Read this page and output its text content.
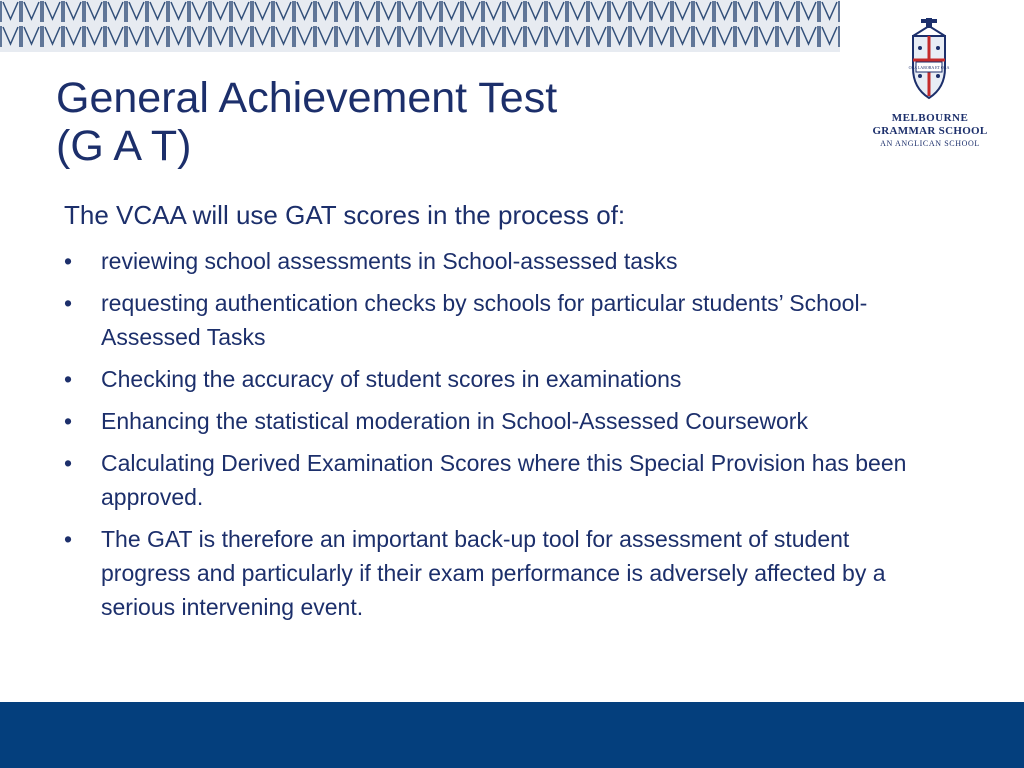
ORA LABORA ET ORA
MELBOURNE
GRAMMAR SCHOOL
AN ANGLICAN SCHOOL
General Achievement Test
(G A T)

The VCAA will use GAT scores in the process of:

•	reviewing school assessments in School-assessed tasks
•	requesting authentication checks by schools for particular students’ School-Assessed Tasks
•	Checking the accuracy of student scores in examinations
•	Enhancing the statistical moderation in School-Assessed Coursework
•	Calculating Derived Examination Scores where this Special Provision has been approved.
•	The GAT is therefore an important back-up tool for assessment of student progress and particularly if their exam performance is adversely affected by a serious intervening event.
